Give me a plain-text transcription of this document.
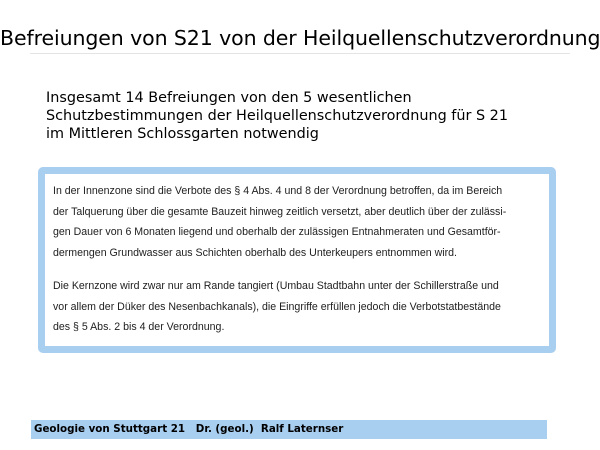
Befreiungen von S21 von der Heilquellenschutzverordnung
Insgesamt 14 Befreiungen von den 5 wesentlichen
Schutzbestimmungen der Heilquellenschutzverordnung für S 21
im Mittleren Schlossgarten notwendig
In der Innenzone sind die Verbote des § 4 Abs. 4 und 8 der Verordnung betroffen, da im Bereich
der Talquerung über die gesamte Bauzeit hinweg zeitlich versetzt, aber deutlich über der zulässi-
gen Dauer von 6 Monaten liegend und oberhalb der zulässigen Entnahmeraten und Gesamtför-
dermengen Grundwasser aus Schichten oberhalb des Unterkeupers entnommen wird.
Die Kernzone wird zwar nur am Rande tangiert (Umbau Stadtbahn unter der Schillerstraße und
vor allem der Düker des Nesenbachkanals), die Eingriffe erfüllen jedoch die Verbotstatbestände
des § 5 Abs. 2 bis 4 der Verordnung.
Geologie von Stuttgart 21   Dr. (geol.)  Ralf Laternser
